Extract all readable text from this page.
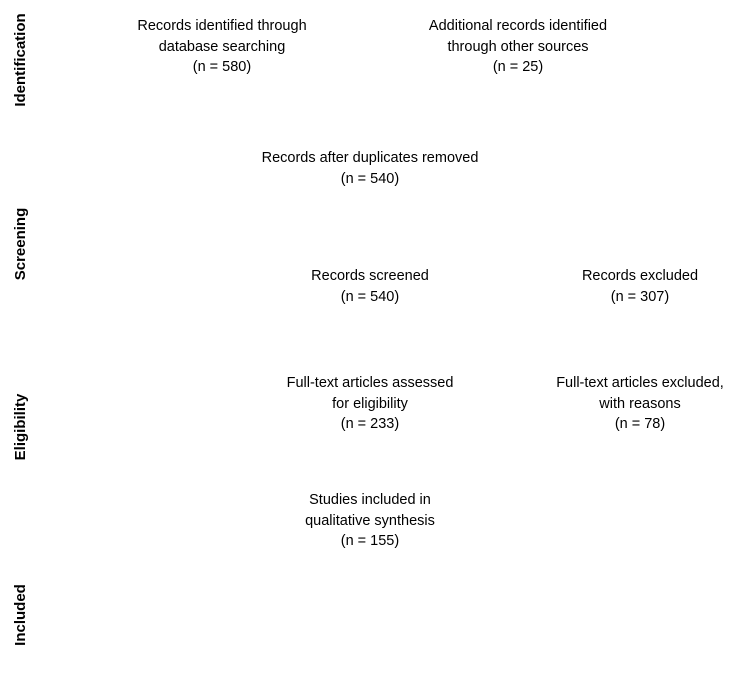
Identification
Screening
Eligibility
Included
Records identified through
database searching
(n = 580)
Additional records identified
through other sources
(n = 25)
Records after duplicates removed
(n = 540)
Records screened
(n = 540)
Records excluded
(n = 307)
Full-text articles assessed
for eligibility
(n = 233)
Full-text articles excluded,
with reasons
(n = 78)
Studies included in
qualitative synthesis
(n = 155)
